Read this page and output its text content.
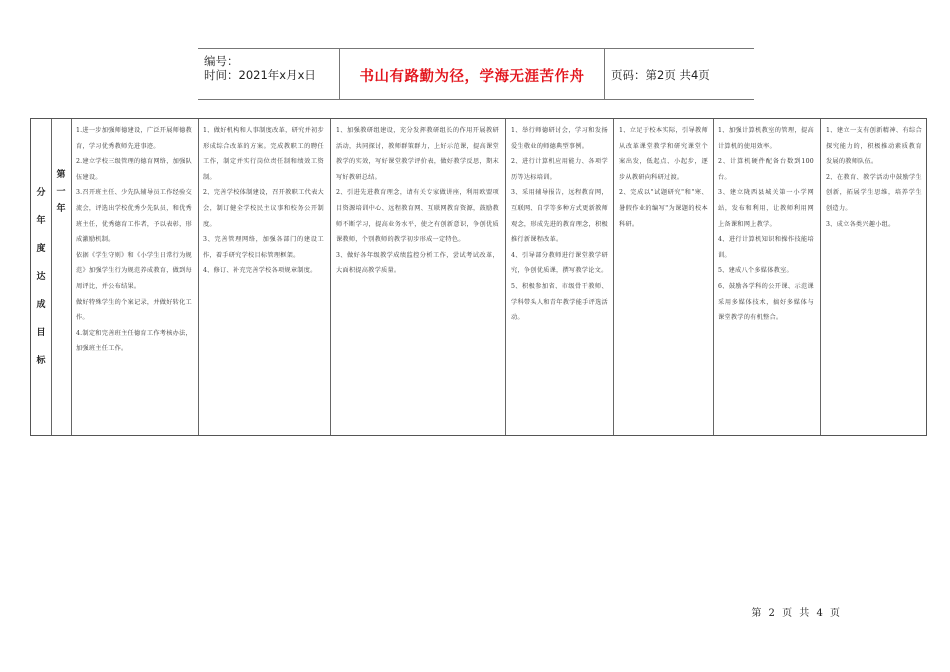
编号：
时间：2021年x月x日	书山有路勤为径，学海无涯苦作舟	页码：第2页 共4页
分
年
度
达
成
目
标
第
一
年

1.进一步加强师德建设，广泛开展师德教育，学习优秀教师先进事迹。

2.建立学校三级管理的德育网络，加强队伍建设。

3.召开班主任、少先队辅导员工作经验交流会，评选出学校优秀少先队员，和优秀班主任，优秀德育工作者，予以表彰，形成激励机制。

依据《学生守则》和《小学生日常行为规范》加强学生行为规范养成教育，做到每周评比，并公布结果。

做好特殊学生的个案记录，并做好转化工作。

4.制定和完善班主任德育工作考核办法，加强班主任工作。

1、做好机构和人事制度改革，研究并初步形成综合改革的方案。完成教职工的聘任工作，制定并实行岗位责任制和绩效工资制。

2、完善学校体制建设，召开教职工代表大会，制订健全学校民主议事和校务公开制度。

3、完善管理网络，加强各部门的建设工作，着手研究学校目标管理框架。

4、修订、补充完善学校各项规章制度。

1、加强教研组建设，充分发挥教研组长的作用开展教研活动，共同探讨，教师群策群力，上好示范课，提高课堂教学的实效，写好课堂教学评价表，做好教学反思，期末写好教研总结。

2、引进先进教育理念，请有关专家做讲座，利用欧盟项目资源培训中心、远程教育网、互联网教育资源，鼓励教师不断学习，提高业务水平，使之有创新意识，争创优质课教师，个别教师的教学初步形成一定特色。

3、做好各年级教学成绩监控分析工作，尝试考试改革，大面积提高教学质量。

1、举行师德研讨会，学习和发扬爱生敬业的师德典型事例。

2、进行计算机应用能力、各项学历等达标培训。

3、采用辅导报告，远程教育网，互联网、自学等多种方式更新教师观念，形成先进的教育理念，积极推行新课程改革。

4、引导部分教师进行课堂教学研究，争创优质课，撰写教学论文。

5、积极参加省、市级骨干教师、学科带头人和青年教学能手评选活动。

1、立足于校本实际，引导教师从改革课堂教学和研究课堂个案出发，低起点、小起步，逐步从教研向科研过渡。

2、完成以"试题研究"和"寒、暑假作业的编写"为课题的校本科研。

1、加强计算机教室的管理，提高计算机的使用效率。

2、计算机硬件配备台数到100台。

3、建立陇西县城关第一小学网站，发布和利用，让教师利用网上备课和网上教学。

4、进行计算机知识和操作技能培训。

5、建成八个多媒体教室。

6、鼓励各学科的公开课、示范课采用多媒体技术，搞好多媒体与课堂教学的有机整合。

1、建立一支有创新精神、有综合探究能力的，积极推动素质教育发展的教师队伍。

2、在教育、教学活动中鼓励学生创新，拓展学生思维，培养学生创造力。

3、成立各类兴趣小组。

第 2 页 共 4 页
